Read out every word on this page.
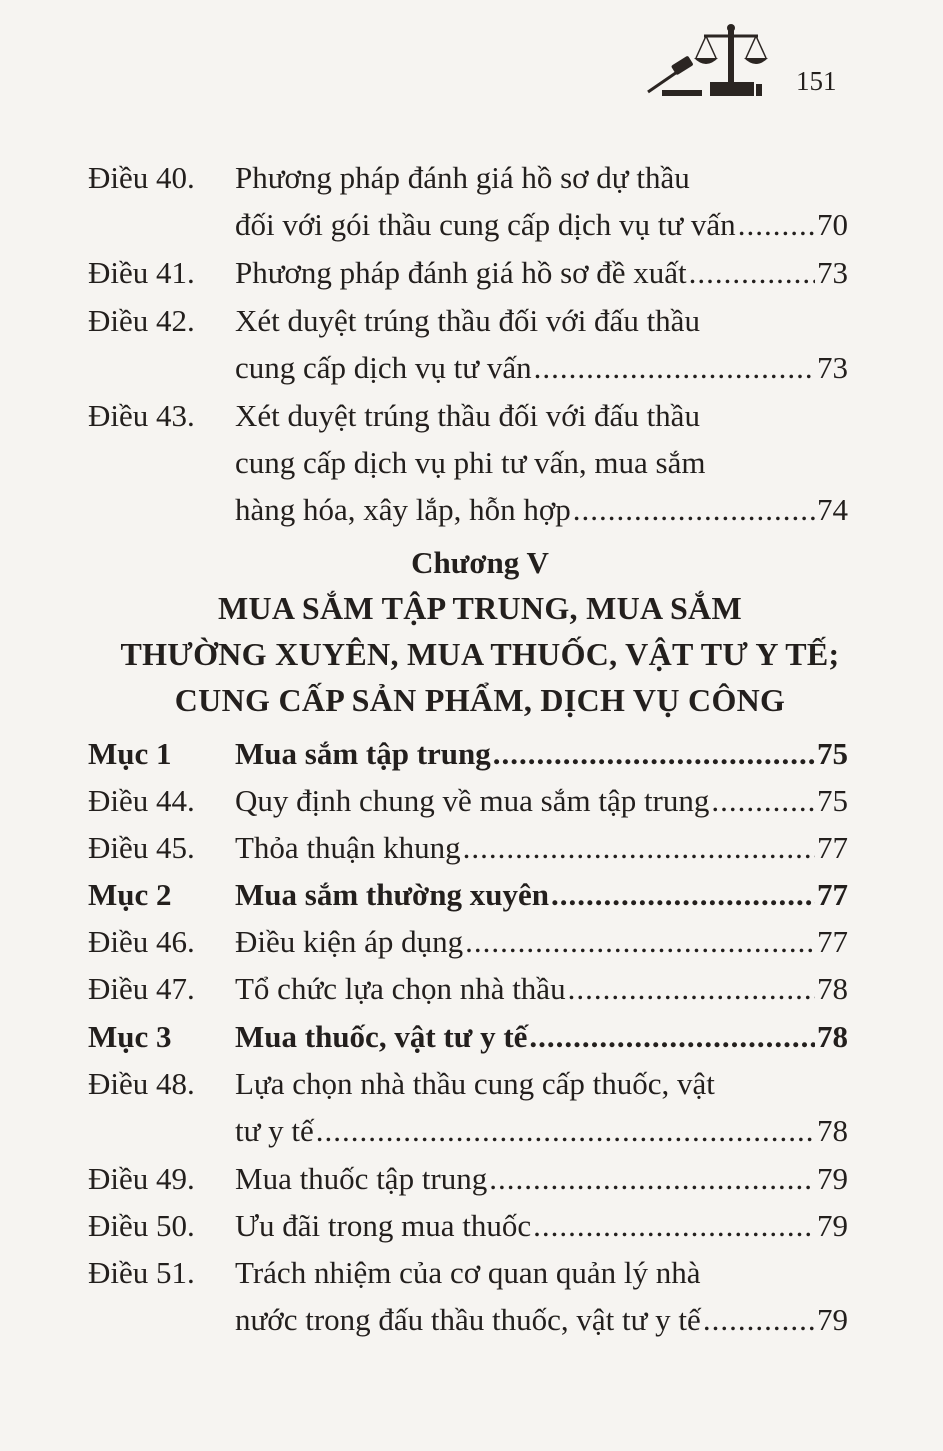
151
Điều 40. Phương pháp đánh giá hồ sơ dự thầu
đối với gói thầu cung cấp dịch vụ tư vấn .....	70
Điều 41. Phương pháp đánh giá hồ sơ đề xuất .....	73
Điều 42. Xét duyệt trúng thầu đối với đấu thầu
cung cấp dịch vụ tư vấn .....	73
Điều 43. Xét duyệt trúng thầu đối với đấu thầu
cung cấp dịch vụ phi tư vấn, mua sắm
hàng hóa, xây lắp, hỗn hợp .....	74
Chương V
MUA SẮM TẬP TRUNG, MUA SẮM
THƯỜNG XUYÊN, MUA THUỐC, VẬT TƯ Y TẾ;
CUNG CẤP SẢN PHẨM, DỊCH VỤ CÔNG
Mục 1 Mua sắm tập trung .....	75
Điều 44. Quy định chung về mua sắm tập trung .....	75
Điều 45. Thỏa thuận khung .....	77
Mục 2 Mua sắm thường xuyên .....	77
Điều 46. Điều kiện áp dụng .....	77
Điều 47. Tổ chức lựa chọn nhà thầu .....	78
Mục 3 Mua thuốc, vật tư y tế .....	78
Điều 48. Lựa chọn nhà thầu cung cấp thuốc, vật
tư y tế .....	78
Điều 49. Mua thuốc tập trung .....	79
Điều 50. Ưu đãi trong mua thuốc .....	79
Điều 51. Trách nhiệm của cơ quan quản lý nhà
nước trong đấu thầu thuốc, vật tư y tế .....	79
